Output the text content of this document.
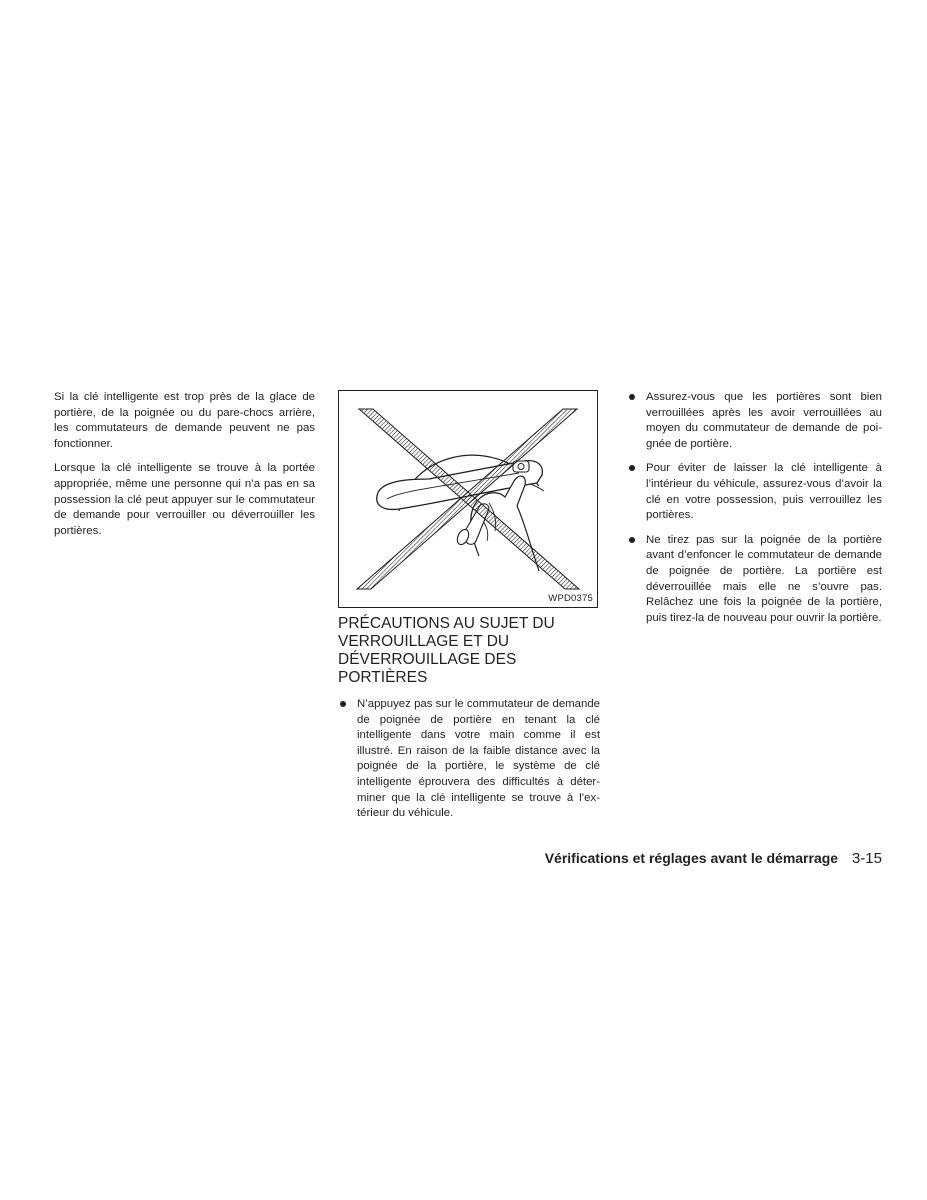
Si la clé intelligente est trop près de la glace de portière, de la poignée ou du pare-chocs arrière, les commutateurs de demande peuvent ne pas fonctionner.

Lorsque la clé intelligente se trouve à la portée appropriée, même une personne qui n’a pas en sa possession la clé peut appuyer sur le commutateur de demande pour verrouiller ou déverrouiller les portières.

WPD0375
PRÉCAUTIONS AU SUJET DU
VERROUILLAGE ET DU
DÉVERROUILLAGE DES
PORTIÈRES
N’appuyez pas sur le commutateur de demande de poignée de portière en tenant la clé intelligente dans votre main comme il est illustré. En raison de la faible distance avec la poignée de la portière, le système de clé intelligente éprouvera des difficultés à déterminer que la clé intelligente se trouve à l’extérieur du véhicule.
Assurez-vous que les portières sont bien verrouillées après les avoir verrouillées au moyen du commutateur de demande de poignée de portière.
Pour éviter de laisser la clé intelligente à l’intérieur du véhicule, assurez-vous d’avoir la clé en votre possession, puis verrouillez les portières.
Ne tirez pas sur la poignée de la portière avant d’enfoncer le commutateur de demande de poignée de portière. La portière est déverrouillée mais elle ne s’ouvre pas. Relâchez une fois la poignée de la portière, puis tirez-la de nouveau pour ouvrir la portière.
Vérifications et réglages avant le démarrage 3-15
